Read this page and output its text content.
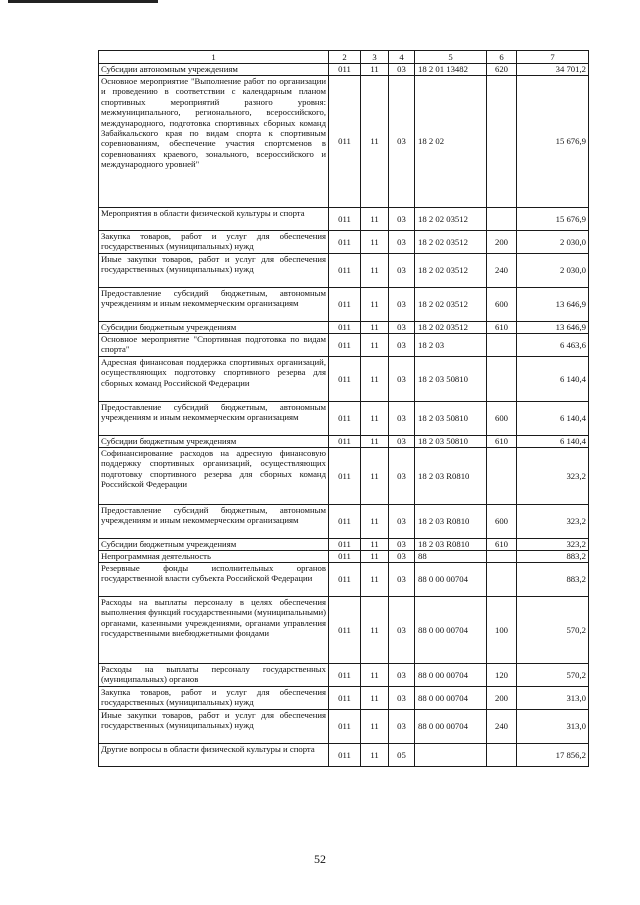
1	2	3	4	5	6	7
Субсидии автономным учреждениям	011	11	03	18 2 01 13482	620	34 701,2
Основное мероприятие "Выполнение работ по организации и проведению в соответствии с календарным планом спортивных мероприятий разного уровня: межмуниципального, регионального, всероссийского, международного, подготовка спортивных сборных команд Забайкальского края по видам спорта к спортивным соревнованиям, обеспечение участия спортсменов в соревнованиях краевого, зонального, всероссийского и международного уровней"	011	11	03	18 2 02		15 676,9
Мероприятия в области физической культуры и спорта	011	11	03	18 2 02 03512		15 676,9
Закупка товаров, работ и услуг для обеспечения государственных (муниципальных) нужд	011	11	03	18 2 02 03512	200	2 030,0
Иные закупки товаров, работ и услуг для обеспечения государственных (муниципальных) нужд	011	11	03	18 2 02 03512	240	2 030,0
Предоставление субсидий бюджетным, автономным учреждениям и иным некоммерческим организациям	011	11	03	18 2 02 03512	600	13 646,9
Субсидии бюджетным учреждениям	011	11	03	18 2 02 03512	610	13 646,9
Основное мероприятие "Спортивная подготовка по видам спорта"	011	11	03	18 2 03		6 463,6
Адресная финансовая поддержка спортивных организаций, осуществляющих подготовку спортивного резерва для сборных команд Российской Федерации	011	11	03	18 2 03 50810		6 140,4
Предоставление субсидий бюджетным, автономным учреждениям и иным некоммерческим организациям	011	11	03	18 2 03 50810	600	6 140,4
Субсидии бюджетным учреждениям	011	11	03	18 2 03 50810	610	6 140,4
Софинансирование расходов на адресную финансовую поддержку спортивных организаций, осуществляющих подготовку спортивного резерва для сборных команд Российской Федерации	011	11	03	18 2 03 R0810		323,2
Предоставление субсидий бюджетным, автономным учреждениям и иным некоммерческим организациям	011	11	03	18 2 03 R0810	600	323,2
Субсидии бюджетным учреждениям	011	11	03	18 2 03 R0810	610	323,2
Непрограммная деятельность	011	11	03	88		883,2
Резервные фонды исполнительных органов государственной власти субъекта Российской Федерации	011	11	03	88 0 00 00704		883,2
Расходы на выплаты персоналу в целях обеспечения выполнения функций государственными (муниципальными) органами, казенными учреждениями, органами управления государственными внебюджетными фондами	011	11	03	88 0 00 00704	100	570,2
Расходы на выплаты персоналу государственных (муниципальных) органов	011	11	03	88 0 00 00704	120	570,2
Закупка товаров, работ и услуг для обеспечения государственных (муниципальных) нужд	011	11	03	88 0 00 00704	200	313,0
Иные закупки товаров, работ и услуг для обеспечения государственных (муниципальных) нужд	011	11	03	88 0 00 00704	240	313,0
Другие вопросы в области физической культуры и спорта	011	11	05			17 856,2
52
